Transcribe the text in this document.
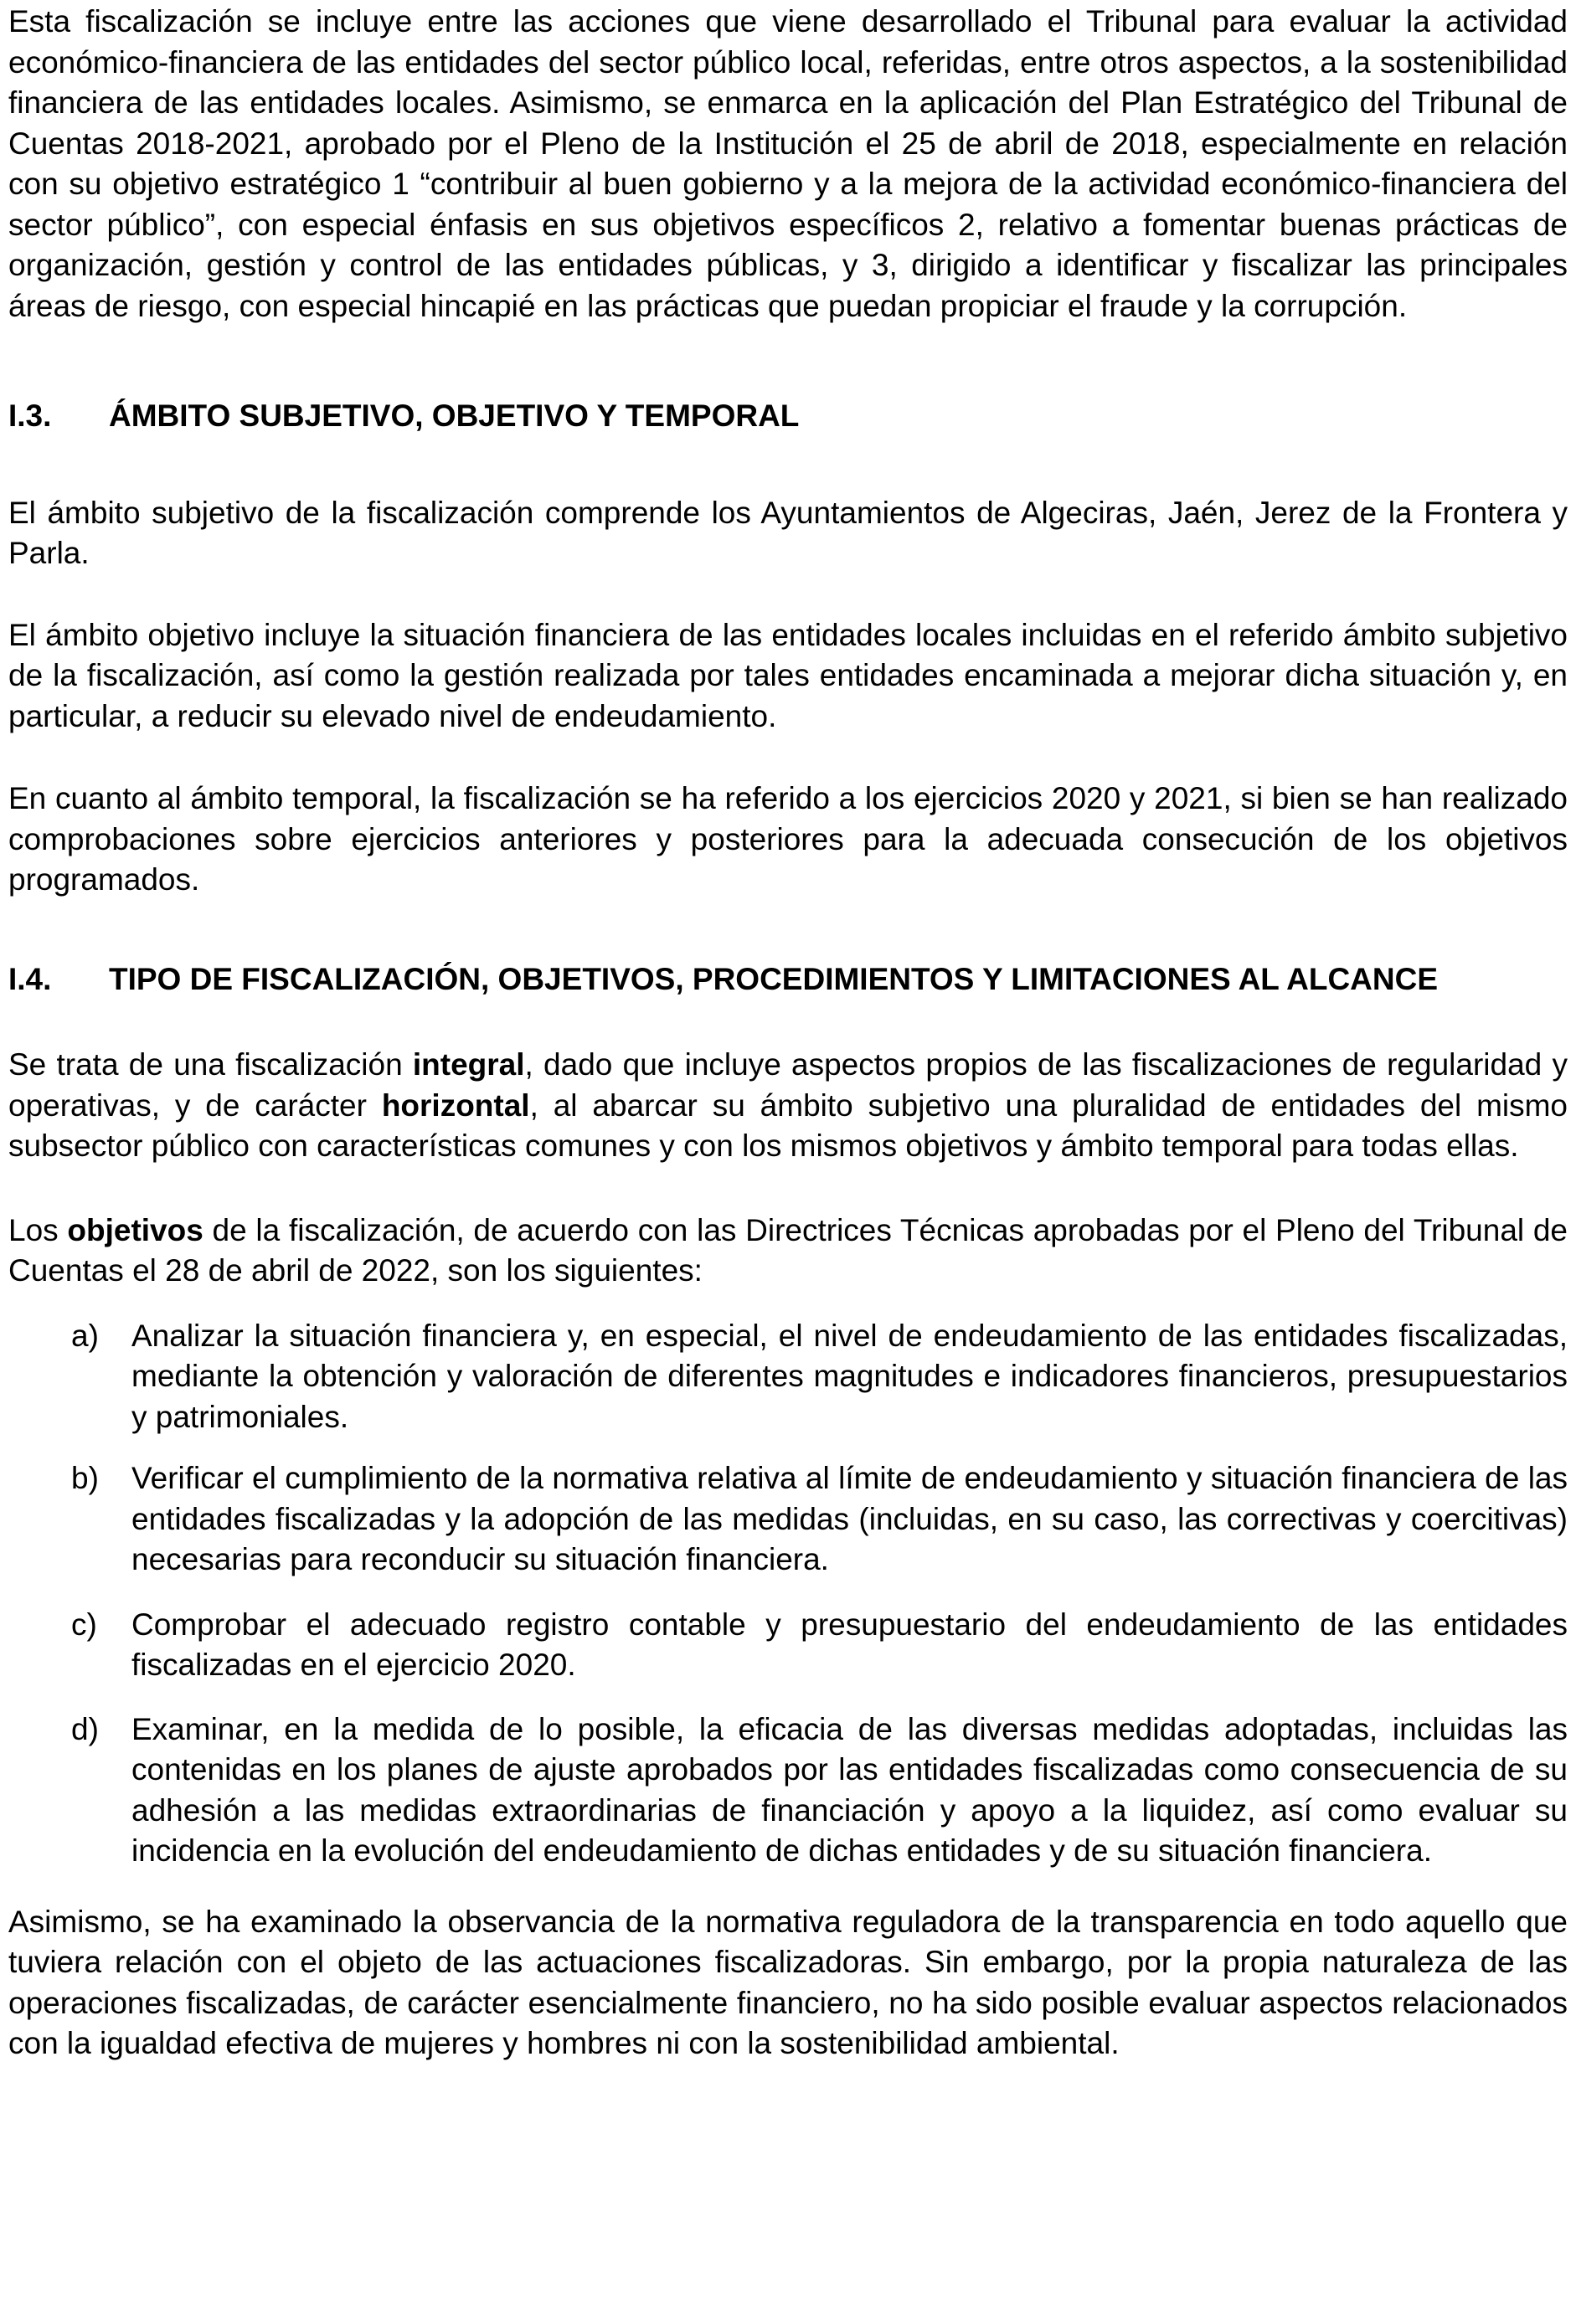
Esta fiscalización se incluye entre las acciones que viene desarrollado el Tribunal para evaluar la actividad económico-financiera de las entidades del sector público local, referidas, entre otros aspectos, a la sostenibilidad financiera de las entidades locales. Asimismo, se enmarca en la aplicación del Plan Estratégico del Tribunal de Cuentas 2018-2021, aprobado por el Pleno de la Institución el 25 de abril de 2018, especialmente en relación con su objetivo estratégico 1 “contribuir al buen gobierno y a la mejora de la actividad económico-financiera del sector público”, con especial énfasis en sus objetivos específicos 2, relativo a fomentar buenas prácticas de organización, gestión y control de las entidades públicas, y 3, dirigido a identificar y fiscalizar las principales áreas de riesgo, con especial hincapié en las prácticas que puedan propiciar el fraude y la corrupción.

I.3. ÁMBITO SUBJETIVO, OBJETIVO Y TEMPORAL

El ámbito subjetivo de la fiscalización comprende los Ayuntamientos de Algeciras, Jaén, Jerez de la Frontera y Parla.

El ámbito objetivo incluye la situación financiera de las entidades locales incluidas en el referido ámbito subjetivo de la fiscalización, así como la gestión realizada por tales entidades encaminada a mejorar dicha situación y, en particular, a reducir su elevado nivel de endeudamiento.

En cuanto al ámbito temporal, la fiscalización se ha referido a los ejercicios 2020 y 2021, si bien se han realizado comprobaciones sobre ejercicios anteriores y posteriores para la adecuada consecución de los objetivos programados.

I.4. TIPO DE FISCALIZACIÓN, OBJETIVOS, PROCEDIMIENTOS Y LIMITACIONES AL ALCANCE

Se trata de una fiscalización integral, dado que incluye aspectos propios de las fiscalizaciones de regularidad y operativas, y de carácter horizontal, al abarcar su ámbito subjetivo una pluralidad de entidades del mismo subsector público con características comunes y con los mismos objetivos y ámbito temporal para todas ellas.

Los objetivos de la fiscalización, de acuerdo con las Directrices Técnicas aprobadas por el Pleno del Tribunal de Cuentas el 28 de abril de 2022, son los siguientes:

a) Analizar la situación financiera y, en especial, el nivel de endeudamiento de las entidades fiscalizadas, mediante la obtención y valoración de diferentes magnitudes e indicadores financieros, presupuestarios y patrimoniales.
b) Verificar el cumplimiento de la normativa relativa al límite de endeudamiento y situación financiera de las entidades fiscalizadas y la adopción de las medidas (incluidas, en su caso, las correctivas y coercitivas) necesarias para reconducir su situación financiera.
c) Comprobar el adecuado registro contable y presupuestario del endeudamiento de las entidades fiscalizadas en el ejercicio 2020.
d) Examinar, en la medida de lo posible, la eficacia de las diversas medidas adoptadas, incluidas las contenidas en los planes de ajuste aprobados por las entidades fiscalizadas como consecuencia de su adhesión a las medidas extraordinarias de financiación y apoyo a la liquidez, así como evaluar su incidencia en la evolución del endeudamiento de dichas entidades y de su situación financiera.

Asimismo, se ha examinado la observancia de la normativa reguladora de la transparencia en todo aquello que tuviera relación con el objeto de las actuaciones fiscalizadoras. Sin embargo, por la propia naturaleza de las operaciones fiscalizadas, de carácter esencialmente financiero, no ha sido posible evaluar aspectos relacionados con la igualdad efectiva de mujeres y hombres ni con la sostenibilidad ambiental.
